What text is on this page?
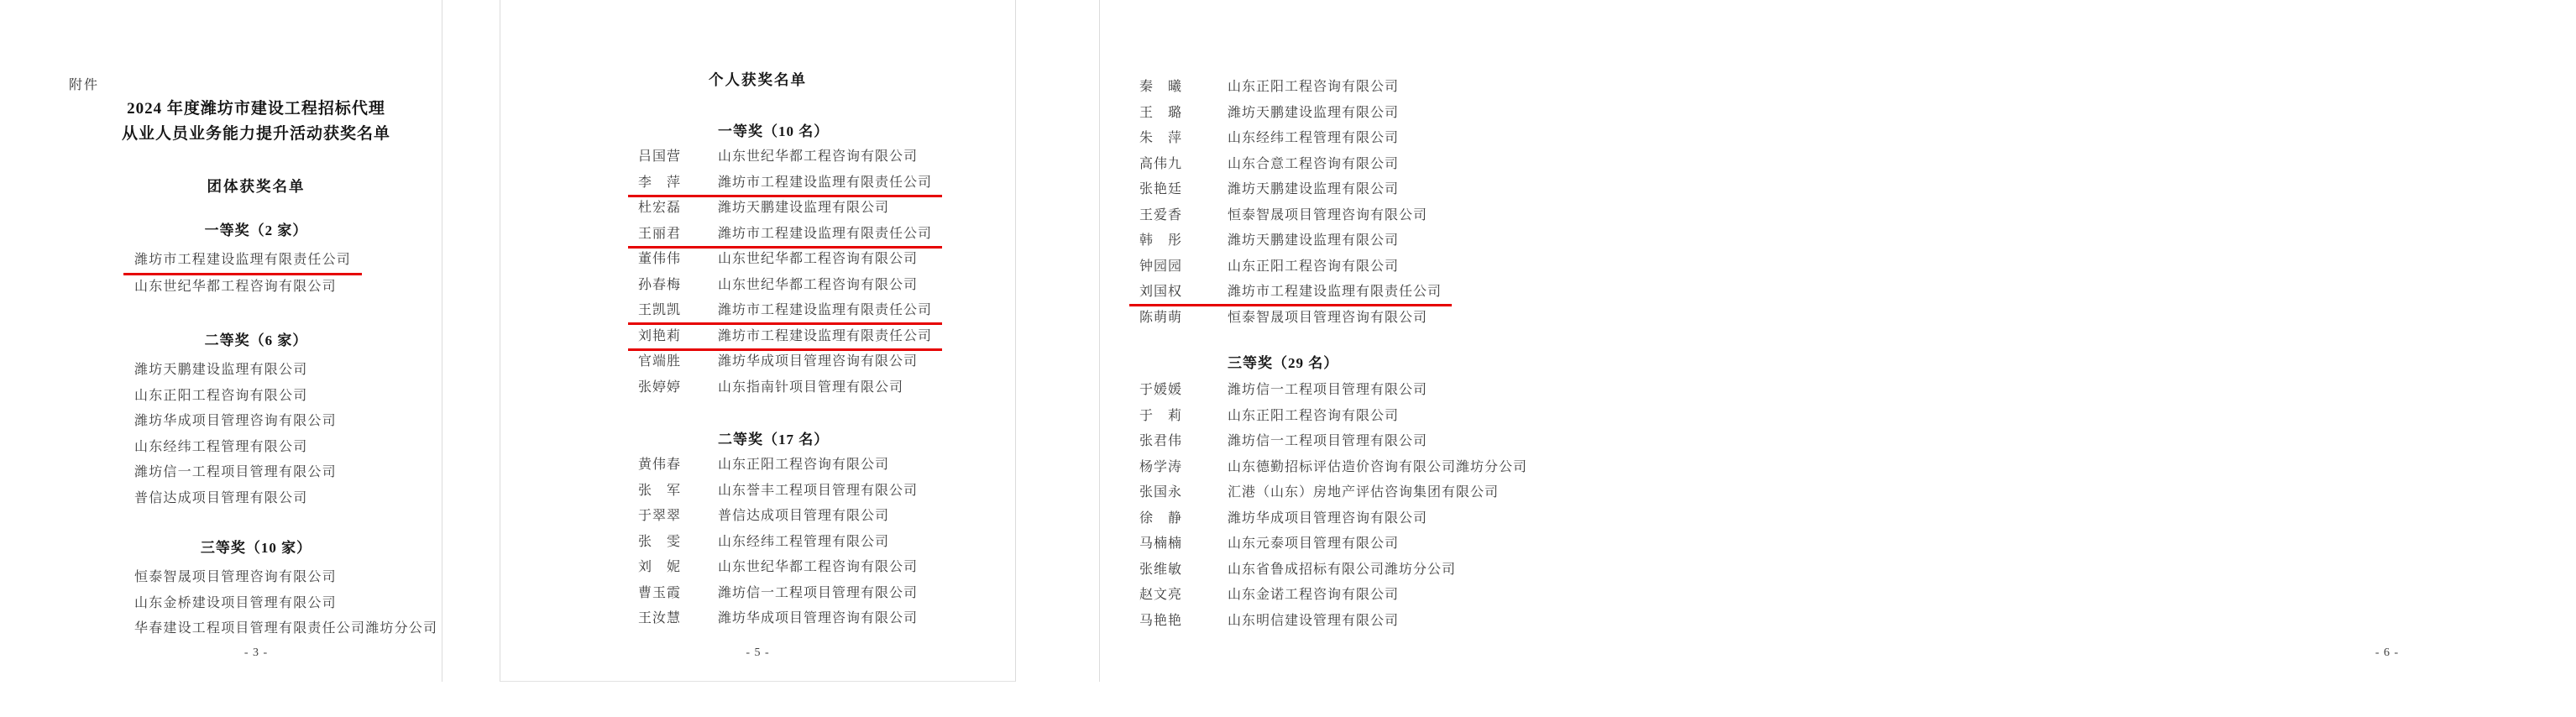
附件
2024 年度潍坊市建设工程招标代理
从业人员业务能力提升活动获奖名单
团体获奖名单
一等奖（2 家）
潍坊市工程建设监理有限责任公司
山东世纪华都工程咨询有限公司
二等奖（6 家）
潍坊天鹏建设监理有限公司
山东正阳工程咨询有限公司
潍坊华成项目管理咨询有限公司
山东经纬工程管理有限公司
潍坊信一工程项目管理有限公司
普信达成项目管理有限公司
三等奖（10 家）
恒泰智晟项目管理咨询有限公司
山东金桥建设项目管理有限公司
华春建设工程项目管理有限责任公司潍坊分公司
- 3 -
个人获奖名单
一等奖（10 名）
吕国营	山东世纪华都工程咨询有限公司
李　萍	潍坊市工程建设监理有限责任公司
杜宏磊	潍坊天鹏建设监理有限公司
王丽君	潍坊市工程建设监理有限责任公司
董伟伟	山东世纪华都工程咨询有限公司
孙春梅	山东世纪华都工程咨询有限公司
王凯凯	潍坊市工程建设监理有限责任公司
刘艳莉	潍坊市工程建设监理有限责任公司
官端胜	潍坊华成项目管理咨询有限公司
张婷婷	山东指南针项目管理有限公司
二等奖（17 名）
黄伟春	山东正阳工程咨询有限公司
张　军	山东誉丰工程项目管理有限公司
于翠翠	普信达成项目管理有限公司
张　雯	山东经纬工程管理有限公司
刘　妮	山东世纪华都工程咨询有限公司
曹玉霞	潍坊信一工程项目管理有限公司
王汝慧	潍坊华成项目管理咨询有限公司
- 5 -
秦　曦	山东正阳工程咨询有限公司
王　璐	潍坊天鹏建设监理有限公司
朱　萍	山东经纬工程管理有限公司
高伟九	山东合意工程咨询有限公司
张艳廷	潍坊天鹏建设监理有限公司
王爱香	恒泰智晟项目管理咨询有限公司
韩　彤	潍坊天鹏建设监理有限公司
钟园园	山东正阳工程咨询有限公司
刘国权	潍坊市工程建设监理有限责任公司
陈萌萌	恒泰智晟项目管理咨询有限公司
三等奖（29 名）
于媛媛	潍坊信一工程项目管理有限公司
于　莉	山东正阳工程咨询有限公司
张君伟	潍坊信一工程项目管理有限公司
杨学涛	山东德勤招标评估造价咨询有限公司潍坊分公司
张国永	汇港（山东）房地产评估咨询集团有限公司
徐　静	潍坊华成项目管理咨询有限公司
马楠楠	山东元泰项目管理有限公司
张维敏	山东省鲁成招标有限公司潍坊分公司
赵文亮	山东金诺工程咨询有限公司
马艳艳	山东明信建设管理有限公司
- 6 -
